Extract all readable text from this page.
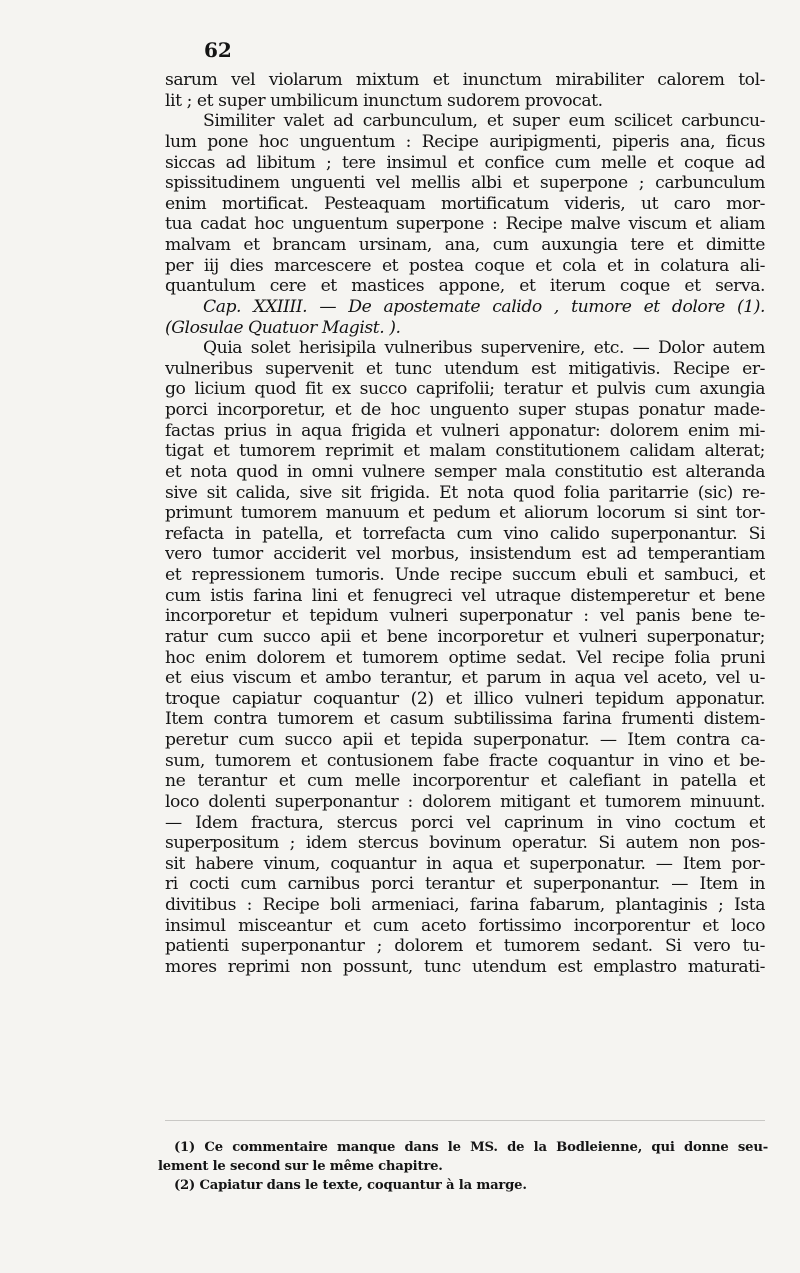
62
sarum vel violarum mixtum et inunctum mirabiliter calorem tol-
lit ; et super umbilicum inunctum sudorem provocat.
Similiter valet ad carbunculum, et super eum scilicet carbuncu-
lum pone hoc unguentum : Recipe auripigmenti, piperis ana, ficus
siccas ad libitum ; tere insimul et confice cum melle et coque ad
spissitudinem unguenti vel mellis albi et superpone ; carbunculum
enim mortificat. Pesteaquam mortificatum videris, ut caro mor-
tua cadat hoc unguentum superpone : Recipe malve viscum et aliam
malvam et brancam ursinam, ana, cum auxungia tere et dimitte
per iij dies marcescere et postea coque et cola et in colatura ali-
quantulum cere et mastices appone, et iterum coque et serva.
Cap. XXIIII. — De apostemate calido , tumore et dolore (1).
(Glosulae Quatuor Magist. ).
Quia solet herisipila vulneribus supervenire, etc. — Dolor autem
vulneribus supervenit et tunc utendum est mitigativis. Recipe er-
go licium quod fit ex succo caprifolii; teratur et pulvis cum axungia
porci incorporetur, et de hoc unguento super stupas ponatur made-
factas prius in aqua frigida et vulneri apponatur: dolorem enim mi-
tigat et tumorem reprimit et malam constitutionem calidam alterat;
et nota quod in omni vulnere semper mala constitutio est alteranda
sive sit calida, sive sit frigida. Et nota quod folia paritarrie (sic) re-
primunt tumorem manuum et pedum et aliorum locorum si sint tor-
refacta in patella, et torrefacta cum vino calido superponantur. Si
vero tumor acciderit vel morbus, insistendum est ad temperantiam
et repressionem tumoris. Unde recipe succum ebuli et sambuci, et
cum istis farina lini et fenugreci vel utraque distemperetur et bene
incorporetur et tepidum vulneri superponatur : vel panis bene te-
ratur cum succo apii et bene incorporetur et vulneri superponatur;
hoc enim dolorem et tumorem optime sedat. Vel recipe folia pruni
et eius viscum et ambo terantur, et parum in aqua vel aceto, vel u-
troque capiatur coquantur (2) et illico vulneri tepidum apponatur.
Item contra tumorem et casum subtilissima farina frumenti distem-
peretur cum succo apii et tepida superponatur. — Item contra ca-
sum, tumorem et contusionem fabe fracte coquantur in vino et be-
ne terantur et cum melle incorporentur et calefiant in patella et
loco dolenti superponantur : dolorem mitigant et tumorem minuunt.
— Idem fractura, stercus porci vel caprinum in vino coctum et
superpositum ; idem stercus bovinum operatur. Si autem non pos-
sit habere vinum, coquantur in aqua et superponatur. — Item por-
ri cocti cum carnibus porci terantur et superponantur. — Item in
divitibus : Recipe boli armeniaci, farina fabarum, plantaginis ; Ista
insimul misceantur et cum aceto fortissimo incorporentur et loco
patienti superponantur ; dolorem et tumorem sedant. Si vero tu-
mores reprimi non possunt, tunc utendum est emplastro maturati-
(1) Ce commentaire manque dans le MS. de la Bodleienne, qui donne seu-
lement le second sur le même chapitre.
(2) Capiatur dans le texte, coquantur à la marge.
